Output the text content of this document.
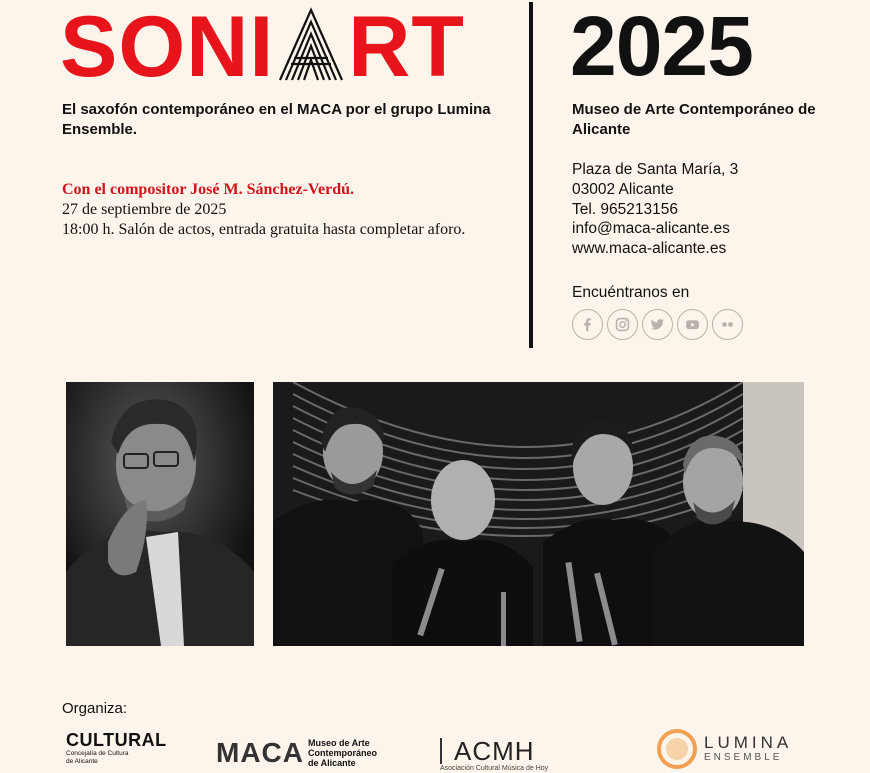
SONI RT
El saxofón contemporáneo en el MACA por el grupo Lumina Ensemble.
Con el compositor José M. Sánchez-Verdú.
27 de septiembre de 2025
18:00 h. Salón de actos, entrada gratuita hasta completar aforo.
2025
Museo de Arte Contemporáneo de Alicante
Plaza de Santa María, 3
03002 Alicante
Tel. 965213156
info@maca-alicante.es
www.maca-alicante.es
Encuéntranos en
Organiza:
CULTURAL
Concejalía de Cultura de Alicante	MACA Museo de Arte
Contemporáneo
de Alicante	ACMH
Asociación Cultural Música de Hoy
LUMINA
ENSEMBLE
